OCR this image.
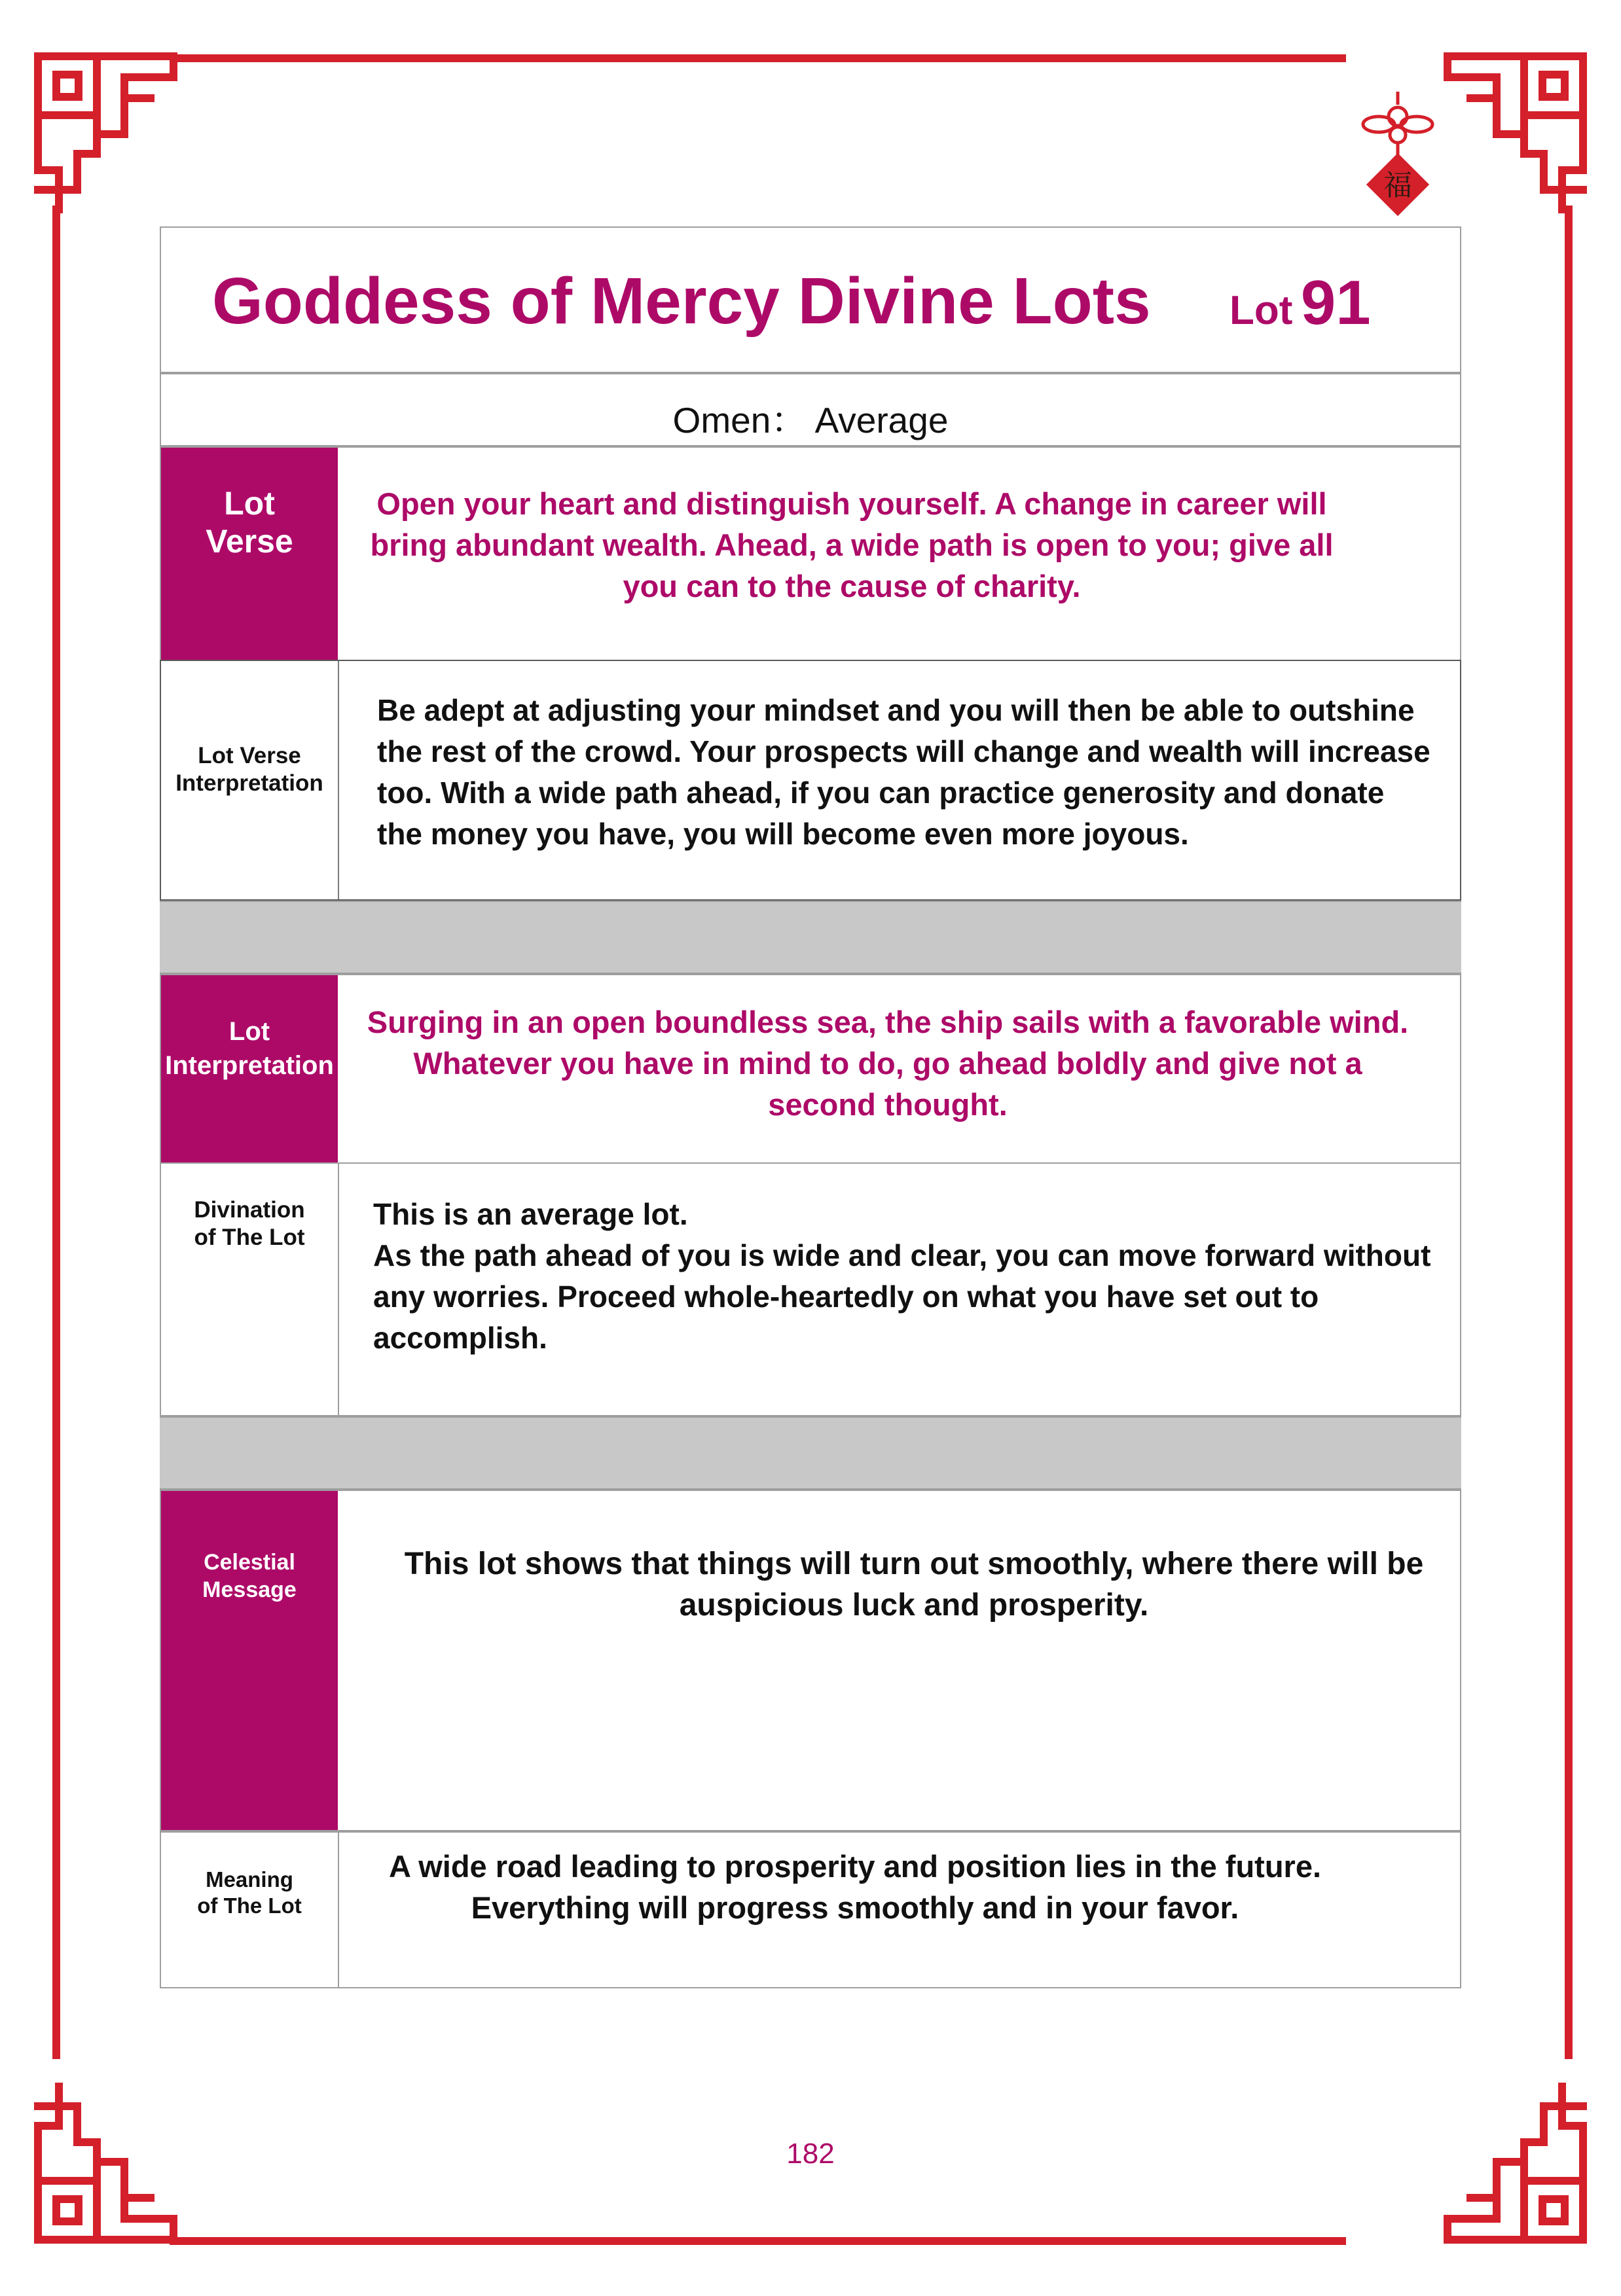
福
Goddess of Mercy Divine Lots Lot 91
Omen： Average
Lot
Verse
Open your heart and distinguish yourself. A change in career will bring abundant wealth. Ahead, a wide path is open to you; give all you can to the cause of charity.
Lot Verse
Interpretation
Be adept at adjusting your mindset and you will then be able to outshine the rest of the crowd. Your prospects will change and wealth will increase too. With a wide path ahead, if you can practice generosity and donate the money you have, you will become even more joyous.
Lot
Interpretation
Surging in an open boundless sea, the ship sails with a favorable wind. Whatever you have in mind to do, go ahead boldly and give not a second thought.
Divination
of The Lot
This is an average lot.
As the path ahead of you is wide and clear, you can move forward without any worries. Proceed whole-heartedly on what you have set out to accomplish.
Celestial
Message
This lot shows that things will turn out smoothly, where there will be auspicious luck and prosperity.
Meaning
of The Lot
A wide road leading to prosperity and position lies in the future. Everything will progress smoothly and in your favor.
182
